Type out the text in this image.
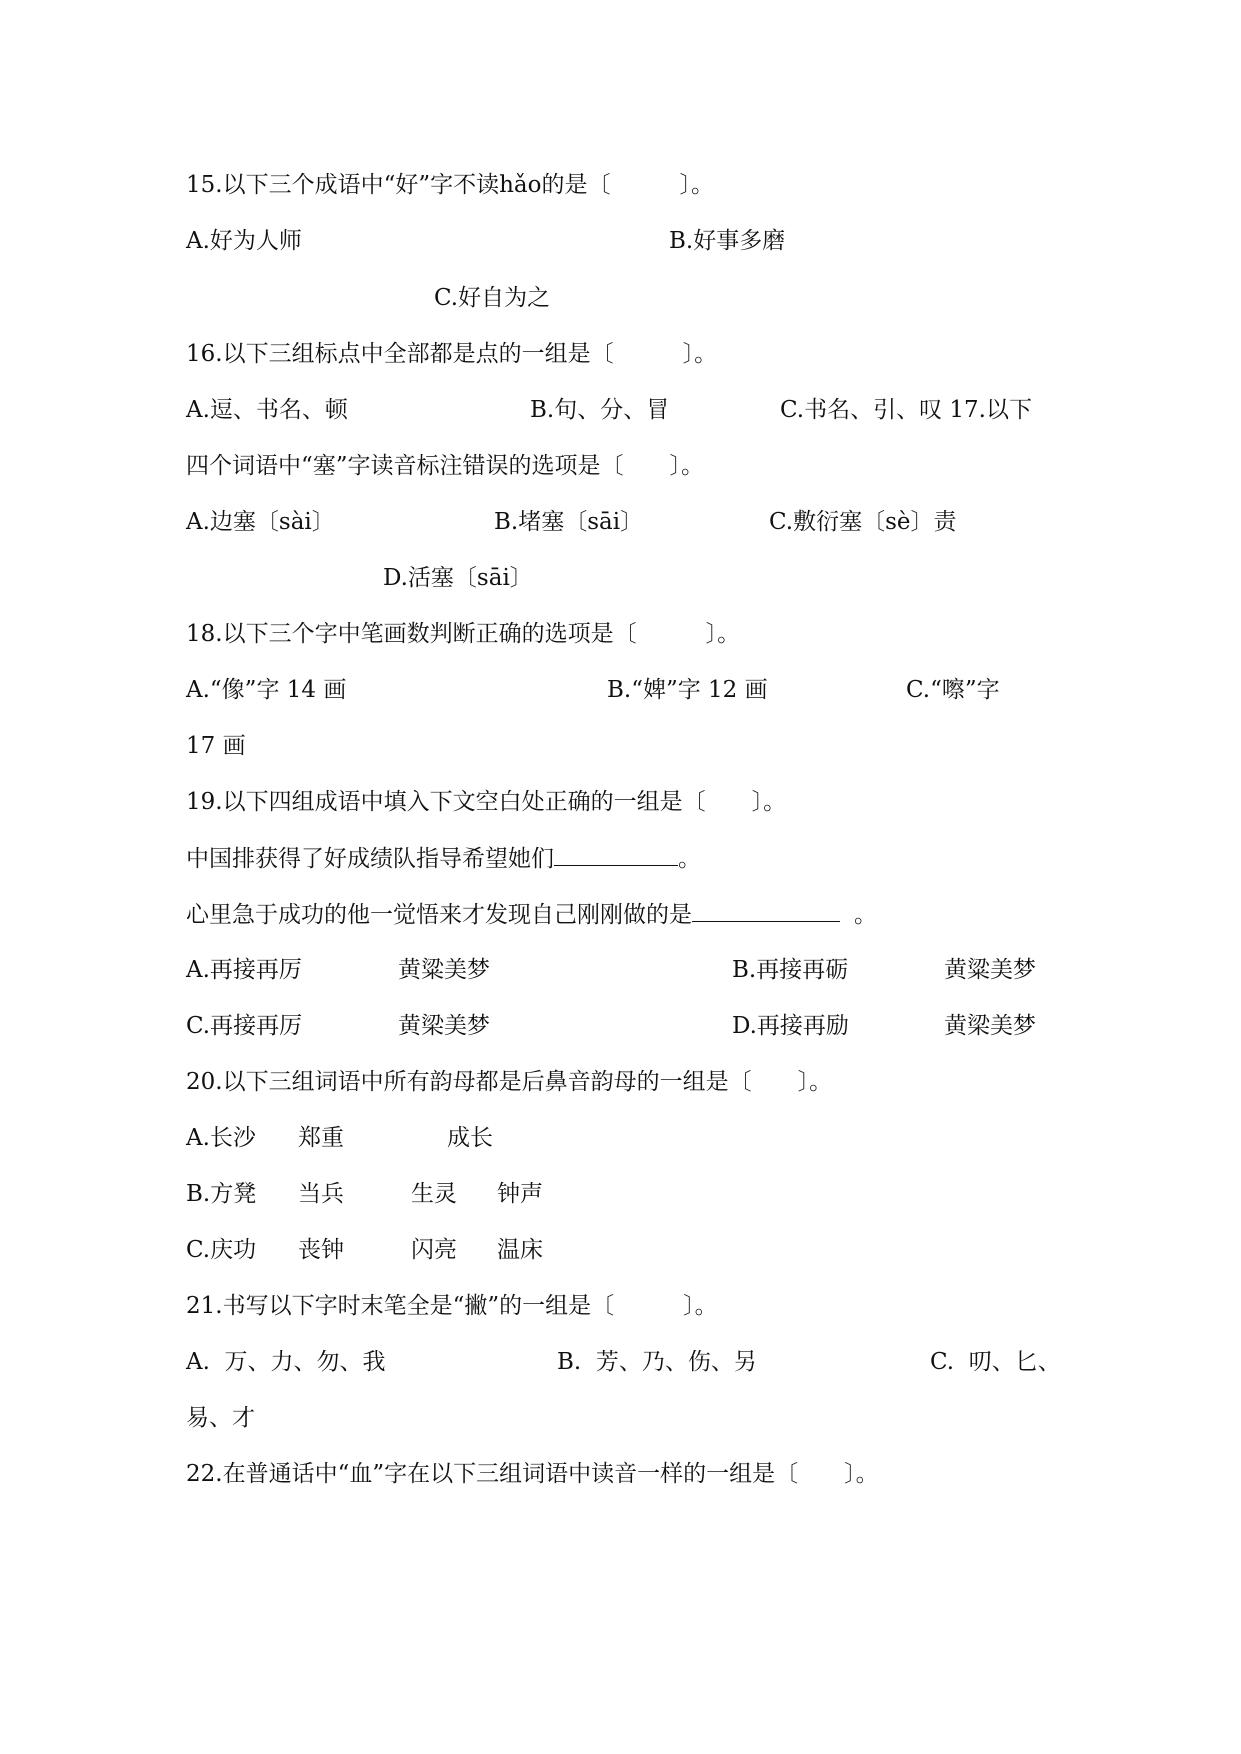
15.以下三个成语中“好”字不读hǎo的是〔　　　〕。
A.好为人师	B.好事多磨
C.好自为之
16.以下三组标点中全部都是点的一组是〔　　　〕。
A.逗、书名、顿	B.句、分、冒	C.书名、引、叹 17.以下
四个词语中“塞”字读音标注错误的选项是〔　　〕。
A.边塞〔sài〕	B.堵塞〔sāi〕	C.敷衍塞〔sè〕责
D.活塞〔sāi〕
18.以下三个字中笔画数判断正确的选项是〔　　　〕。
A.“像”字 14 画	B.“婢”字 12 画	C.“嚓”字
17 画
19.以下四组成语中填入下文空白处正确的一组是〔　　〕。
中国排获得了好成绩队指导希望她们	。
心里急于成功的他一觉悟来才发现自己刚刚做的是	。
A.再接再厉	黄粱美梦	B.再接再砺	黄粱美梦
C.再接再厉	黄梁美梦	D.再接再励	黄梁美梦
20.以下三组词语中所有韵母都是后鼻音韵母的一组是〔　　〕。
A.长沙 郑重	成长
B.方凳 当兵	生灵 钟声
C.庆功 丧钟	闪亮 温床
21.书写以下字时末笔全是“撇”的一组是〔　　　〕。
A.  万、力、勿、我	B.  芳、乃、伤、另	C.  叨、匕、
易、才
22.在普通话中“血”字在以下三组词语中读音一样的一组是〔　　〕。
